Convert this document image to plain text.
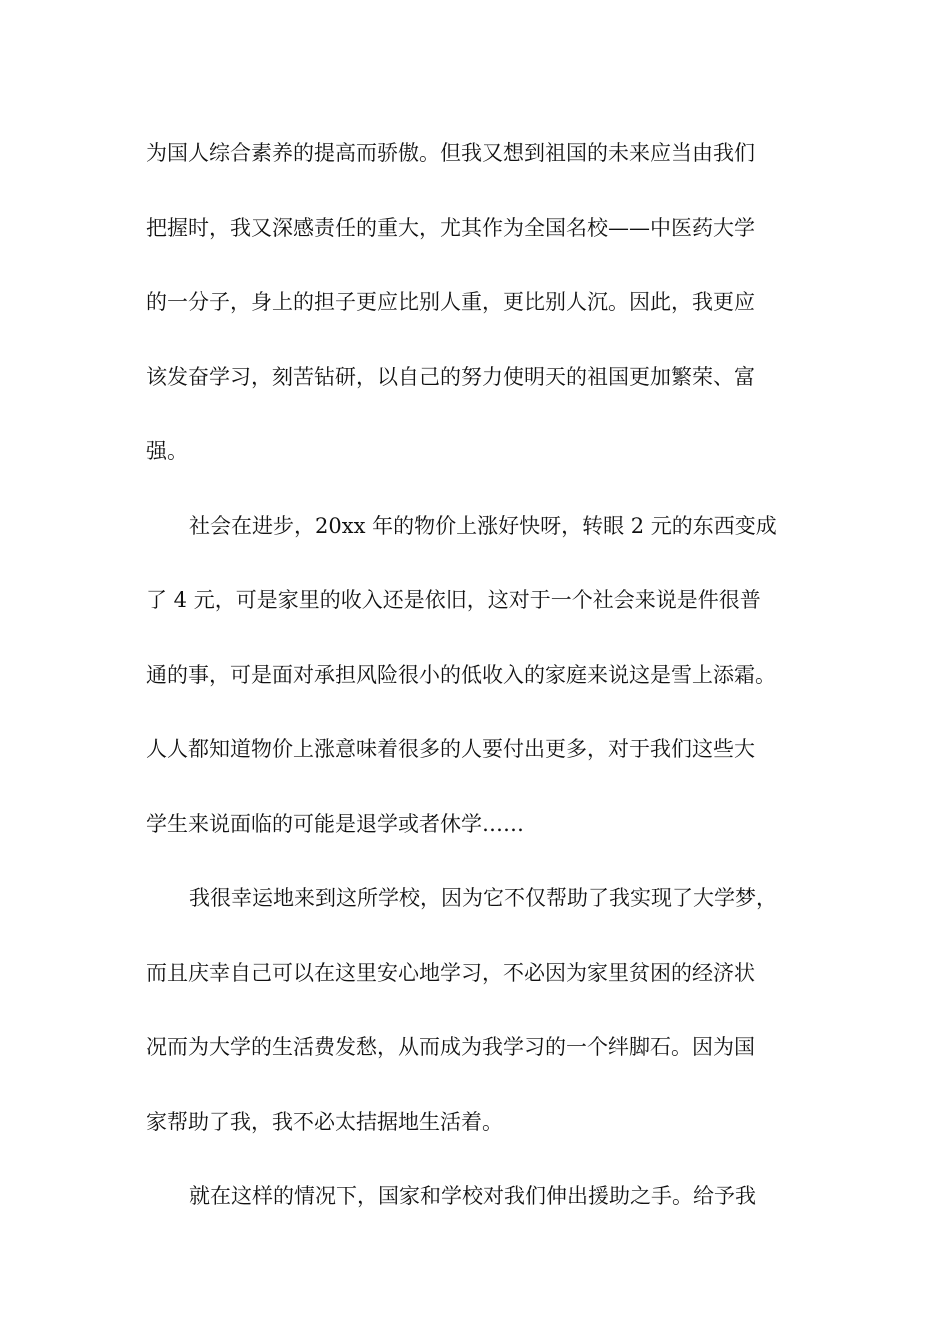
为国人综合素养的提高而骄傲。但我又想到祖国的未来应当由我们
把握时，我又深感责任的重大，尤其作为全国名校——中医药大学
的一分子，身上的担子更应比别人重，更比别人沉。因此，我更应
该发奋学习，刻苦钻研，以自己的努力使明天的祖国更加繁荣、富
强。
社会在进步，20xx 年的物价上涨好快呀，转眼 2 元的东西变成
了 4 元，可是家里的收入还是依旧，这对于一个社会来说是件很普
通的事，可是面对承担风险很小的低收入的家庭来说这是雪上添霜。
人人都知道物价上涨意味着很多的人要付出更多，对于我们这些大
学生来说面临的可能是退学或者休学……
我很幸运地来到这所学校，因为它不仅帮助了我实现了大学梦，
而且庆幸自己可以在这里安心地学习，不必因为家里贫困的经济状
况而为大学的生活费发愁，从而成为我学习的一个绊脚石。因为国
家帮助了我，我不必太拮据地生活着。
就在这样的情况下，国家和学校对我们伸出援助之手。给予我
